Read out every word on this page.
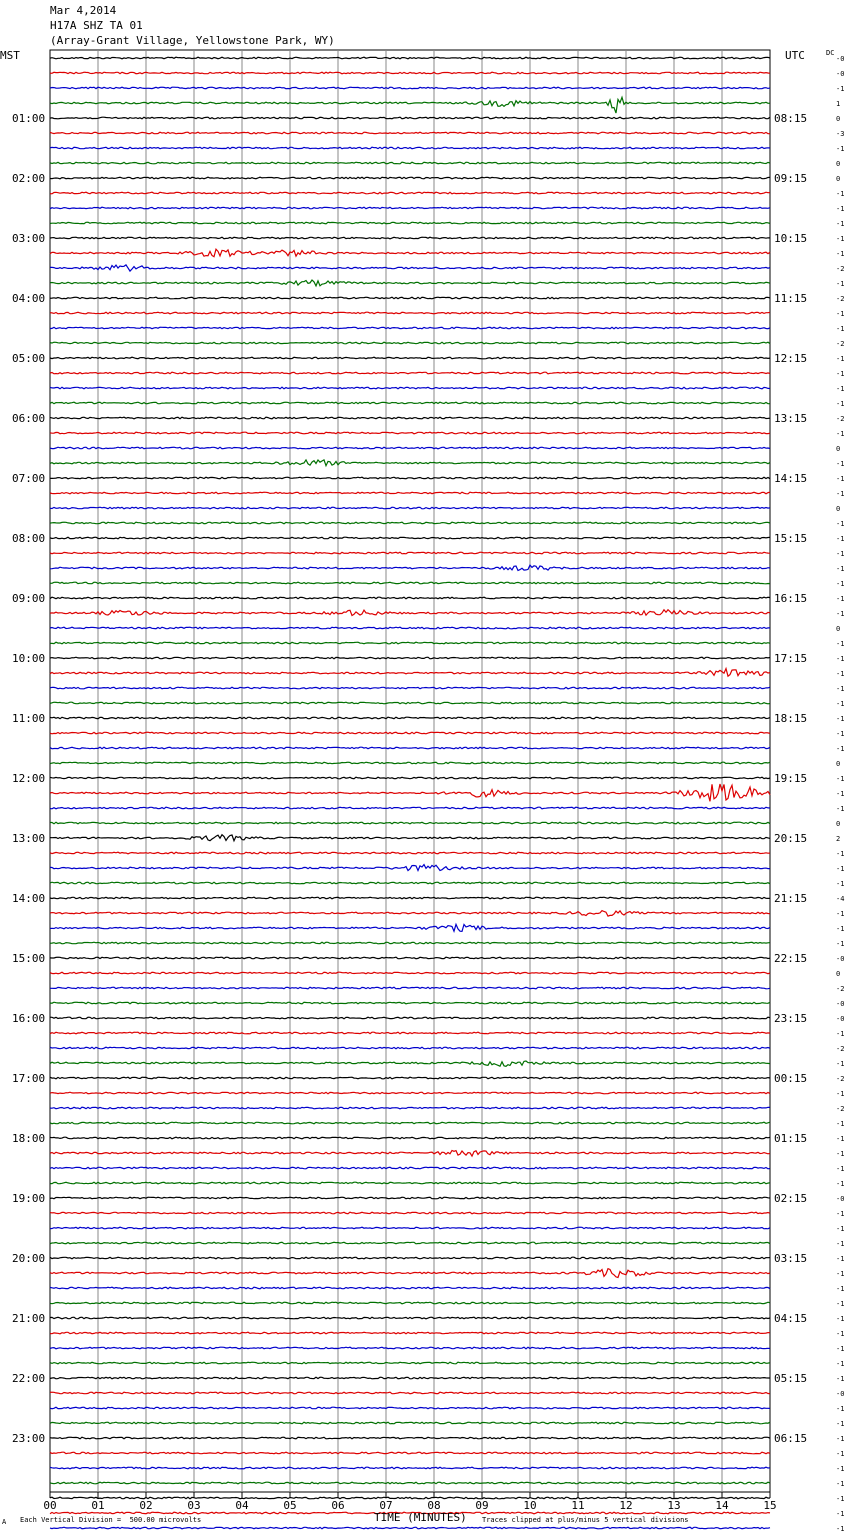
Mar 4,2014
H17A SHZ TA 01
(Array-Grant Village, Yellowstone Park, WY)
MST	UTC	DC
00	01	02	03	04	05	06	07	08	09	10	11	12	13	14	15
-0
-0
-1
1
0
-3
-1
0
0
-1
-1
-1
-1
-1
-2
-1
-2
-1
-1
-2
-1
-1
-1
-1
-2
-1
0
-1
-1
-1
0
-1
-1
-1
-1
-1
-1
-1
0
-1
-1
-1
-1
-1
-1
-1
-1
0
-1
-1
-1
0
2
-1
-1
-1
-4
-1
-1
-1
-0
0
-2
-0
-0
-1
-2
-1
-2
-1
-2
-1
-1
-1
-1
-1
-0
-1
-1
-1
-1
-1
-1
-1
-1
-1
-1
-1
-1
-0
-1
-1
-1
-1
-1
-1
-1
-1
-1
01:00	08:15
02:00	09:15
03:00	10:15
04:00	11:15
05:00	12:15
06:00	13:15
07:00	14:15
08:00	15:15
09:00	16:15
10:00	17:15
11:00	18:15
12:00	19:15
13:00	20:15
14:00	21:15
15:00	22:15
16:00	23:15
17:00	00:15
18:00	01:15
19:00	02:15
20:00	03:15
21:00	04:15
22:00	05:15
23:00	06:15
TIME (MINUTES)
A Each Vertical Division =  500.00 microvolts	Traces clipped at plus/minus 5 vertical divisions
